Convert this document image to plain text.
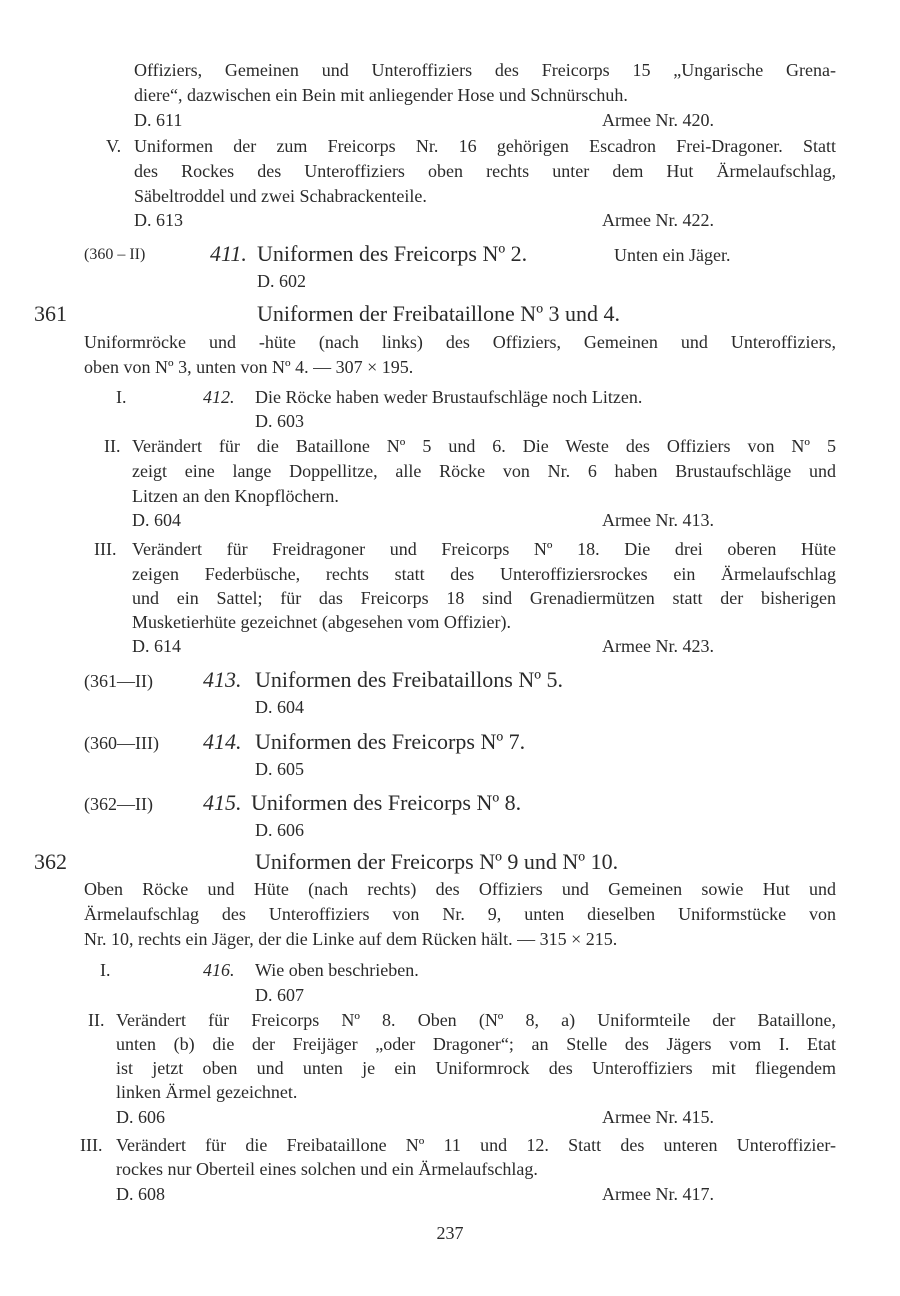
Offiziers, Gemeinen und Unteroffiziers des Freicorps 15 „Ungarische Grena-
diere“, dazwischen ein Bein mit anliegender Hose und Schnürschuh.
D. 611	Armee Nr. 420.
V. Uniformen der zum Freicorps Nr. 16 gehörigen Escadron Frei-Dragoner. Statt
des Rockes des Unteroffiziers oben rechts unter dem Hut Ärmelaufschlag,
Säbeltroddel und zwei Schabrackenteile.
D. 613	Armee Nr. 422.
(360 – II)	411. Uniformen des Freicorps Nº 2.	Unten ein Jäger.
D. 602
361	Uniformen der Freibataillone Nº 3 und 4.
Uniformröcke und -hüte (nach links) des Offiziers, Gemeinen und Unteroffiziers,
oben von Nº 3, unten von Nº 4. — 307 × 195.
I.	412. Die Röcke haben weder Brustaufschläge noch Litzen.
D. 603
II. Verändert für die Bataillone Nº 5 und 6. Die Weste des Offiziers von Nº 5
zeigt eine lange Doppellitze, alle Röcke von Nr. 6 haben Brustaufschläge und
Litzen an den Knopflöchern.
D. 604	Armee Nr. 413.
III. Verändert für Freidragoner und Freicorps Nº 18. Die drei oberen Hüte
zeigen Federbüsche, rechts statt des Unteroffiziersrockes ein Ärmelaufschlag
und ein Sattel; für das Freicorps 18 sind Grenadiermützen statt der bisherigen
Musketierhüte gezeichnet (abgesehen vom Offizier).
D. 614	Armee Nr. 423.
(361—II) 413. Uniformen des Freibataillons Nº 5.
D. 604
(360—III) 414. Uniformen des Freicorps Nº 7.
D. 605
(362—II) 415. Uniformen des Freicorps Nº 8.
D. 606
362	Uniformen der Freicorps Nº 9 und Nº 10.
Oben Röcke und Hüte (nach rechts) des Offiziers und Gemeinen sowie Hut und
Ärmelaufschlag des Unteroffiziers von Nr. 9, unten dieselben Uniformstücke von
Nr. 10, rechts ein Jäger, der die Linke auf dem Rücken hält. — 315 × 215.
I.	416. Wie oben beschrieben.
D. 607
II. Verändert für Freicorps Nº 8. Oben (Nº 8, a) Uniformteile der Bataillone,
unten (b) die der Freijäger „oder Dragoner“; an Stelle des Jägers vom I. Etat
ist jetzt oben und unten je ein Uniformrock des Unteroffiziers mit fliegendem
linken Ärmel gezeichnet.
D. 606	Armee Nr. 415.
III. Verändert für die Freibataillone Nº 11 und 12. Statt des unteren Unteroffizier-
rockes nur Oberteil eines solchen und ein Ärmelaufschlag.
D. 608	Armee Nr. 417.
237
